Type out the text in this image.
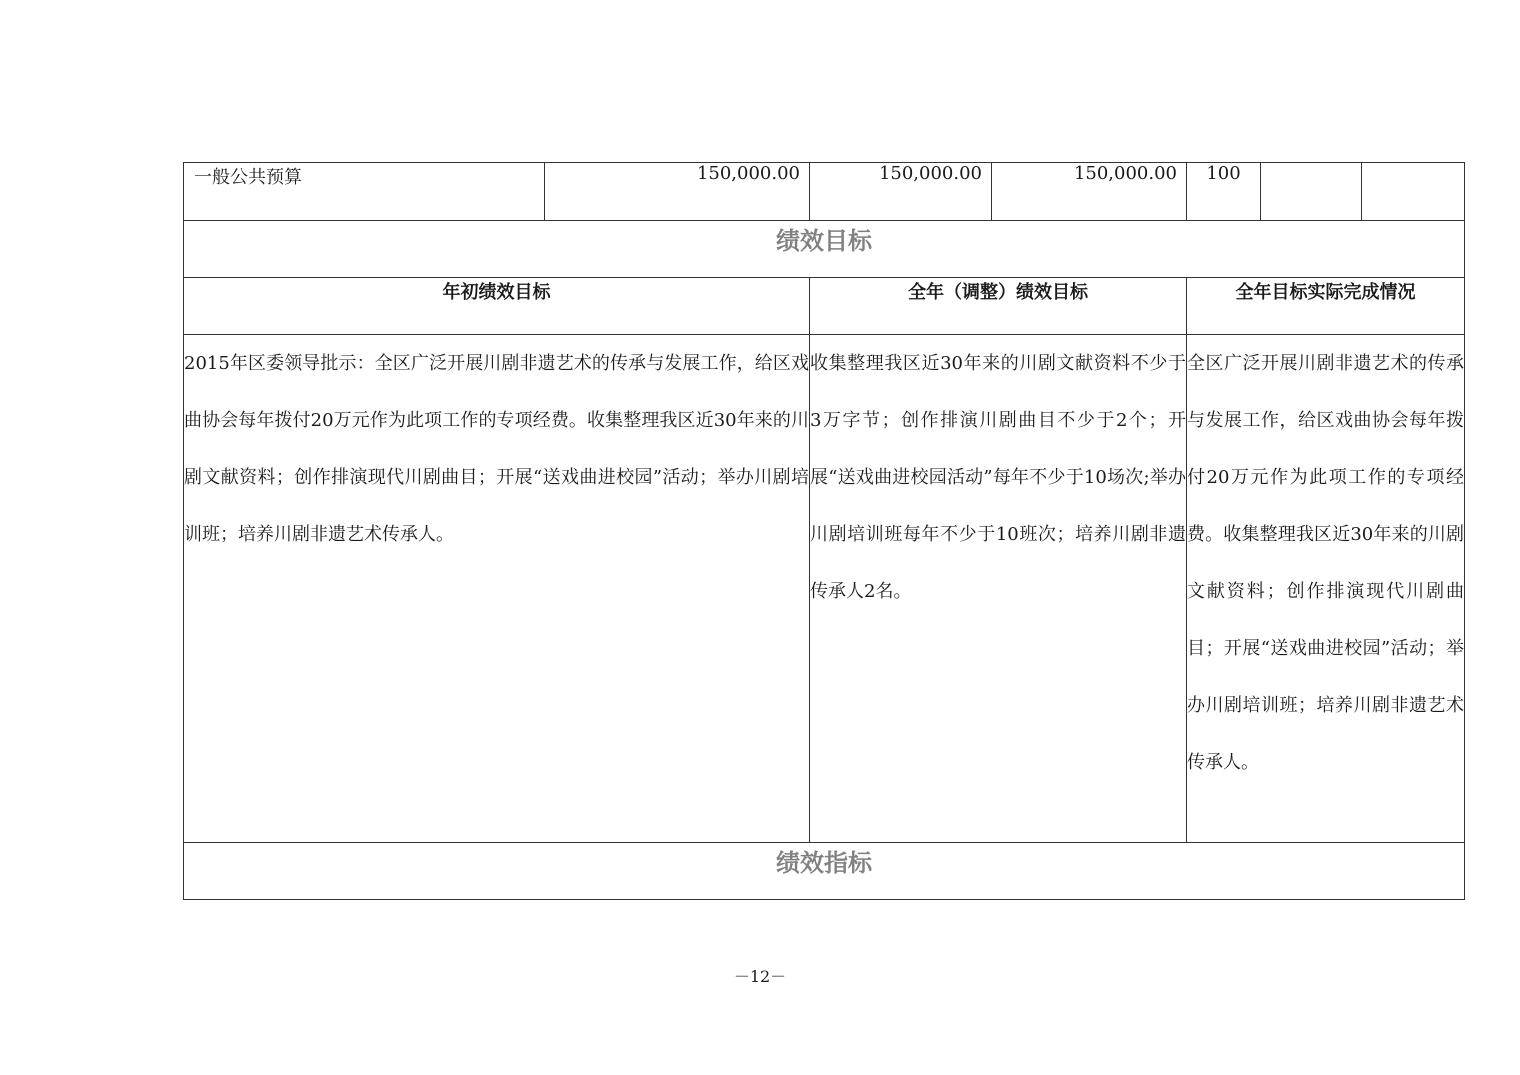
一般公共预算	150,000.00	150,000.00	150,000.00	100		
绩效目标						
年初绩效目标		全年（调整）绩效目标		全年目标实际完成情况		

2015年区委领导批示：全区广泛开展川剧非遗艺术的传承与发展工作，给区戏曲协会每年拨付20万元作为此项工作的专项经费。收集整理我区近30年来的川剧文献资料；创作排演现代川剧曲目；开展“送戏曲进校园”活动；举办川剧培训班；培养川剧非遗艺术传承人。		收集整理我区近30年来的川剧文献资料不少于3万字节；创作排演川剧曲目不少于2个；开展“送戏曲进校园活动”每年不少于10场次;举办川剧培训班每年不少于10班次；培养川剧非遗传承人2名。		全区广泛开展川剧非遗艺术的传承与发展工作，给区戏曲协会每年拨付20万元作为此项工作的专项经费。收集整理我区近30年来的川剧文献资料；创作排演现代川剧曲目；开展“送戏曲进校园”活动；举办川剧培训班；培养川剧非遗艺术传承人。		

绩效指标						
－12－
